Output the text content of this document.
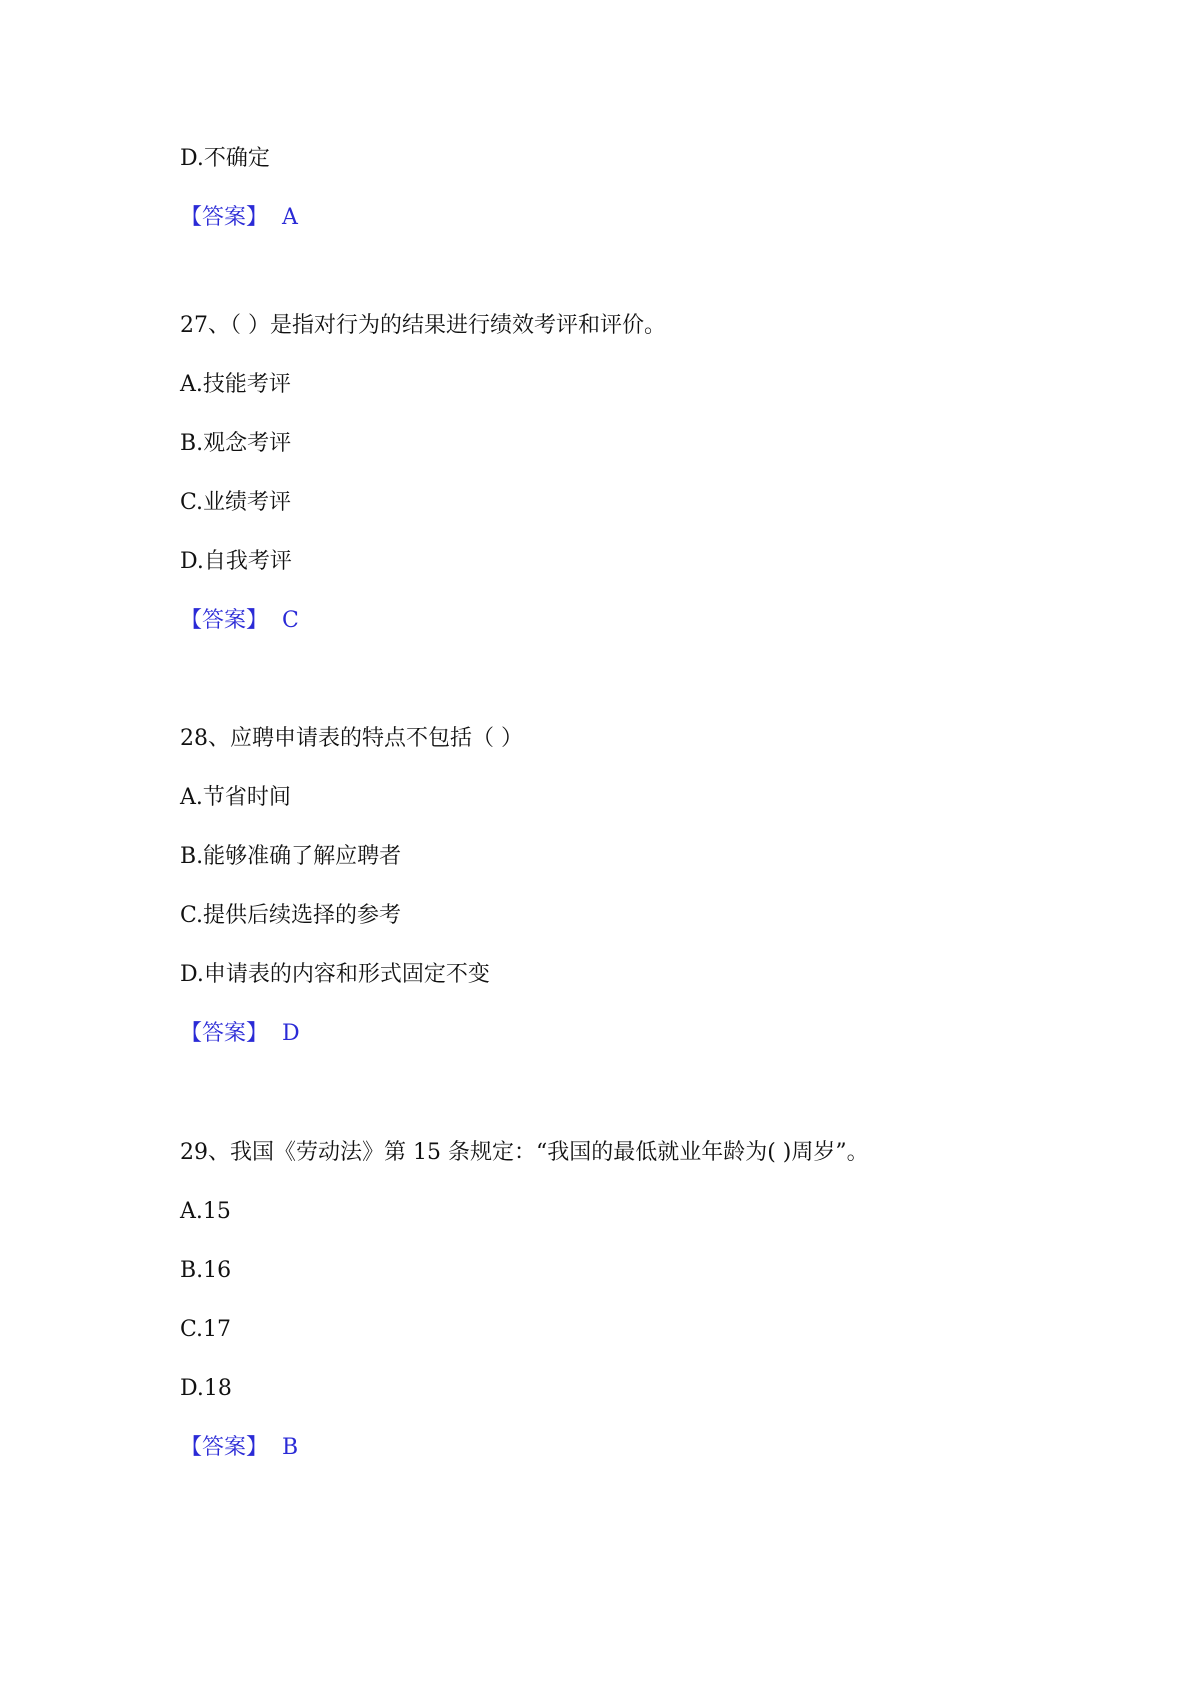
D.不确定
【答案】 A
27、（ ）是指对行为的结果进行绩效考评和评价。
A.技能考评
B.观念考评
C.业绩考评
D.自我考评
【答案】 C
28、应聘申请表的特点不包括（ ）
A.节省时间
B.能够准确了解应聘者
C.提供后续选择的参考
D.申请表的内容和形式固定不变
【答案】 D
29、我国《劳动法》第 15 条规定：“我国的最低就业年龄为( )周岁”。
A.15
B.16
C.17
D.18
【答案】 B
